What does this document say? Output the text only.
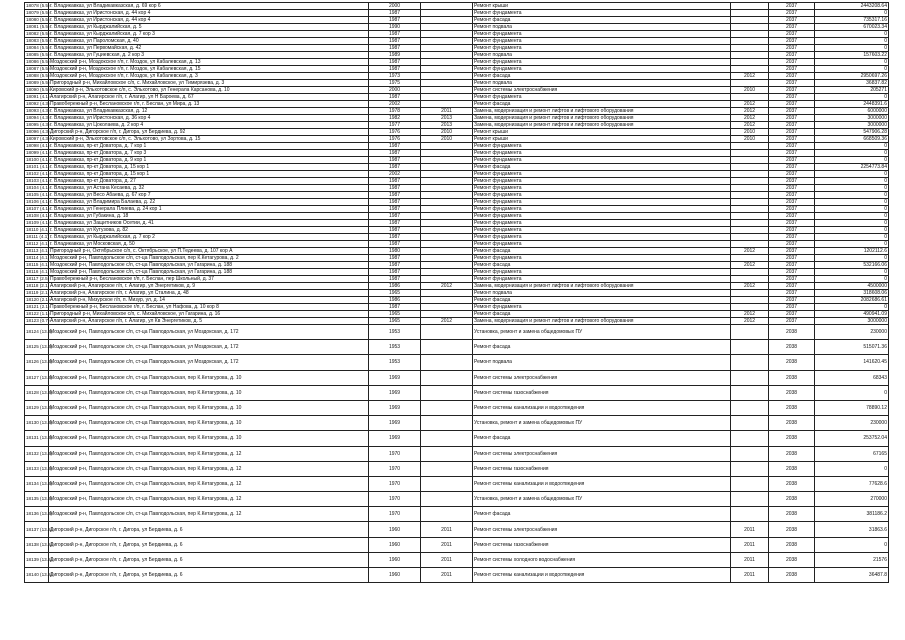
18078 (5.5)	г. Владикавказ, ул Владикавказская, д. 69 кор 6	2000		Ремонт крыши		2037	2443208.64
18079 (5.5)	г. Владикавказ, ул Иристонская, д. 44 кор 4	1987		Ремонт фундамента		2037	0
18080 (5.5)	г. Владикавказ, ул Иристонская, д. 44 кор 4	1987		Ремонт фасада		2037	735317.16
18081 (5.5)	г. Владикавказ, ул Кырджалийская, д. 5	1990		Ремонт подвала		2037	670023.34
18082 (5.5)	г. Владикавказ, ул Кырджалийская, д. 7 кор 3	1987		Ремонт фундамента		2037	0
18083 (5.5)	г. Владикавказ, ул Пароломская, д. 40	1987		Ремонт фундамента		2037	0
18084 (5.5)	г. Владикавказ, ул Первомайская, д. 42	1987		Ремонт фундамента		2037	0
18085 (5.5)	г. Владикавказ, ул Гуциевская, д. 2 кор 3	1989		Ремонт подвала		2037	157603.22
18086 (5.5)	Моздокский р-н, Моздокское г/п, г. Моздок, ул Кабалевская, д. 13	1987		Ремонт фундамента		2037	0
18087 (5.5)	Моздокский р-н, Моздокское г/п, г. Моздок, ул Кабалевская, д. 15	1987		Ремонт фундамента		2037	0
18088 (5.5)	Моздокский р-н, Моздокское г/п, г. Моздок, ул Кабалевская, д. 3	1973		Ремонт фасада	2012	2037	2950697.26
18089 (5.5)	Пригородный р-н, Михайловское с/п, с. Михайловское, ул Тимирязева, д. 3	1975		Ремонт подвала		2037	36837.82
18090 (5.5)	Кировский р-н, Эльхотовское с/п, с. Эльхотово, ул Генерала Карсанова, д. 10	2000		Ремонт системы электроснабжения	2010	2037	205271
18091 (4.1)	Алагирский р-н, Алагирское г/п, г. Алагир, ул Н Бароева, д. 67	1987		Ремонт фундамента		2037	0
18092 (4.3)	Правобережный р-н, Беслановское г/п, г. Беслан, ул Мира, д. 13	2002		Ремонт фасада	2012	2037	2448391.6
18093 (4.3)	г. Владикавказ, ул Владикавказская, д. 12	1978	2011	Замена, модернизация и ремонт лифтов и лифтового оборудования	2012	2037	6000000
18094 (4.3)	г. Владикавказ, ул Иристонская, д. 36 кор 4	1982	2013	Замена, модернизация и ремонт лифтов и лифтового оборудования	2012	2037	3000000
18095 (4.3)	г. Владикавказ, ул Цоколаева, д. 2 кор 4	1977	2013	Замена, модернизация и ремонт лифтов и лифтового оборудования	2012	2037	3000000
18096 (4.3)	Дигорский р-н, Дигорское г/п, г. Дигора, ул Бердиева, д. 92	1976	2010	Ремонт крыши	2010	2037	547906.28
18097 (4.3)	Кировский р-н, Эльхотовское с/п, с. Эльхотово, ул Зортова, д. 15	1976	2010	Ремонт крыши	2010	2037	668509.36
18098 (4.1)	г. Владикавказ, пр-кт Доватора, д. 7 кор 1	1987		Ремонт фундамента		2037	0
18099 (4.1)	г. Владикавказ, пр-кт Доватора, д. 7 кор 3	1987		Ремонт фундамента		2037	0
18100 (4.1)	г. Владикавказ, пр-кт Доватора, д. 9 кор 1	1987		Ремонт фундамента		2037	0
18101 (4.1)	г. Владикавказ, пр-кт Доватора, д. 15 кор 1	1987		Ремонт фасада		2037	2254773.84
18102 (4.1)	г. Владикавказ, пр-кт Доватора, д. 15 кор 1	2002		Ремонт фундамента		2037	0
18103 (4.1)	г. Владикавказ, пр-кт Доватора, д. 27	1987		Ремонт фундамента		2037	0
18104 (4.1)	г. Владикавказ, ул Астана Кесаева, д. 32	1987		Ремонт фундамента		2037	0
18105 (4.1)	г. Владикавказ, ул Весо Абаева, д. 67 кор 7	1987		Ремонт фундамента		2037	0
18106 (4.1)	г. Владикавказ, ул Владимира Балаева, д. 22	1987		Ремонт фундамента		2037	0
18107 (4.1)	г. Владикавказ, ул Генерала Плиева, д. 24 кор 1	1987		Ремонт фундамента		2037	0
18108 (4.1)	г. Владикавказ, ул Губакина, д. 18	1987		Ремонт фундамента		2037	0
18109 (4.1)	г. Владикавказ, ул Защитников Осетии, д. 41	1987		Ремонт фундамента		2037	0
18110 (4.1)	г. Владикавказ, ул Кутузова, д. 82	1987		Ремонт фундамента		2037	0
18111 (4.1)	г. Владикавказ, ул Кырджалийская, д. 7 кор 2	1987		Ремонт фундамента		2037	0
18112 (4.1)	г. Владикавказ, ул Московская, д. 50	1987		Ремонт фундамента		2037	0
18113 (4.1)	Пригородный р-н, Октябрьское с/п, с. Октябрьское, ул П.Тедеева, д. 107 кор А	1980		Ремонт фасада	2012	2037	1202112.6
18114 (4.1)	Моздокский р-н, Павлодольское с/п, ст-ца Павлодольская, пер К.Кетагурова, д. 2	1987		Ремонт фундамента		2037	0
18115 (4.1)	Моздокский р-н, Павлодольское с/п, ст-ца Павлодольская, ул Гагарина, д. 188	1987		Ремонт фасада	2012	2037	532166.06
18116 (4.1)	Моздокский р-н, Павлодольское с/п, ст-ца Павлодольская, ул Гагарина, д. 188	1987		Ремонт фундамента		2037	0
18117 (2.5)	Правобережный р-н, Беслановское г/п, г. Беслан, пер Школьный, д. 37	1987		Ремонт фундамента		2037	0
18118 (2.1)	Алагирский р-н, Алагирское г/п, г. Алагир, ул Энергетиков, д. 9	1986	2012	Замена, модернизация и ремонт лифтов и лифтового оборудования	2012	2037	4500000
18119 (2.1)	Алагирский р-н, Алагирское г/п, г. Алагир, ул Сталина, д. 48	1965		Ремонт подвала		2037	318608.06
18120 (2.1)	Алагирский р-н, Мизурское г/п, п. Мизур, ул, д. 14	1986		Ремонт фасада		2037	2082686.61
18121 (2.1)	Правобережный р-н, Беслановское г/п, г. Беслан, ул Нафова, д. 10 кор 8	1987		Ремонт фундамента		2037	0
18122 (1.1)	Пригородный р-н, Михайловское с/п, с. Михайловское, ул Гагарина, д. 16	1965		Ремонт фасада	2012	2037	490941.09
18123 (0.7)	Алагирский р-н, Алагирское г/п, г. Алагир, ул Кв Энергетиков, д. 5	1965	2012	Замена, модернизация и ремонт лифтов и лифтового оборудования	2012	2037	3000000
18124 (13.3)	Моздокский р-н, Павлодольское с/п, ст-ца Павлодольская, ул Моздокская, д. 172	1953		Установка, ремонт и замена общедомовых ПУ		2038	230000
18125 (13.3)	Моздокский р-н, Павлодольское с/п, ст-ца Павлодольская, ул Моздокская, д. 172	1953		Ремонт фасада		2038	515071.36
18126 (13.3)	Моздокский р-н, Павлодольское с/п, ст-ца Павлодольская, ул Моздокская, д. 172	1953		Ремонт подвала		2038	141620.45
18127 (13.3)	Моздокский р-н, Павлодольское с/п, ст-ца Павлодольская, пер К.Кетагурова, д. 10	1969		Ремонт системы электроснабжения		2038	68343
18128 (13.3)	Моздокский р-н, Павлодольское с/п, ст-ца Павлодольская, пер К.Кетагурова, д. 10	1969		Ремонт системы газоснабжения		2038	0
18129 (13.3)	Моздокский р-н, Павлодольское с/п, ст-ца Павлодольская, пер К.Кетагурова, д. 10	1969		Ремонт системы канализации и водоотведения		2038	78890.12
18130 (13.3)	Моздокский р-н, Павлодольское с/п, ст-ца Павлодольская, пер К.Кетагурова, д. 10	1969		Установка, ремонт и замена общедомовых ПУ		2038	230000
18131 (13.3)	Моздокский р-н, Павлодольское с/п, ст-ца Павлодольская, пер К.Кетагурова, д. 10	1969		Ремонт фасада		2038	253752.04
18132 (13.3)	Моздокский р-н, Павлодольское с/п, ст-ца Павлодольская, пер К.Кетагурова, д. 12	1970		Ремонт системы электроснабжения		2038	67165
18133 (13.3)	Моздокский р-н, Павлодольское с/п, ст-ца Павлодольская, пер К.Кетагурова, д. 12	1970		Ремонт системы газоснабжения		2038	0
18134 (13.3)	Моздокский р-н, Павлодольское с/п, ст-ца Павлодольская, пер К.Кетагурова, д. 12	1970		Ремонт системы канализации и водоотведения		2038	77628.6
18135 (13.3)	Моздокский р-н, Павлодольское с/п, ст-ца Павлодольская, пер К.Кетагурова, д. 12	1970		Установка, ремонт и замена общедомовых ПУ		2038	270000
18136 (13.3)	Моздокский р-н, Павлодольское с/п, ст-ца Павлодольская, пер К.Кетагурова, д. 12	1970		Ремонт фасада		2038	381186.2
18137 (13.2)	Дигорский р-н, Дигорское г/п, г. Дигора, ул Бердиева, д. 6	1960	2011	Ремонт системы электроснабжения	2011	2038	31863.6
18138 (13.2)	Дигорский р-н, Дигорское г/п, г. Дигора, ул Бердиева, д. 6	1960	2011	Ремонт системы газоснабжения	2011	2038	0
18139 (13.2)	Дигорский р-н, Дигорское г/п, г. Дигора, ул Бердиева, д. 6	1960	2011	Ремонт системы холодного водоснабжения	2011	2038	21576
18140 (13.2)	Дигорский р-н, Дигорское г/п, г. Дигора, ул Бердиева, д. 6	1960	2011	Ремонт системы канализации и водоотведения	2011	2038	36487.8
